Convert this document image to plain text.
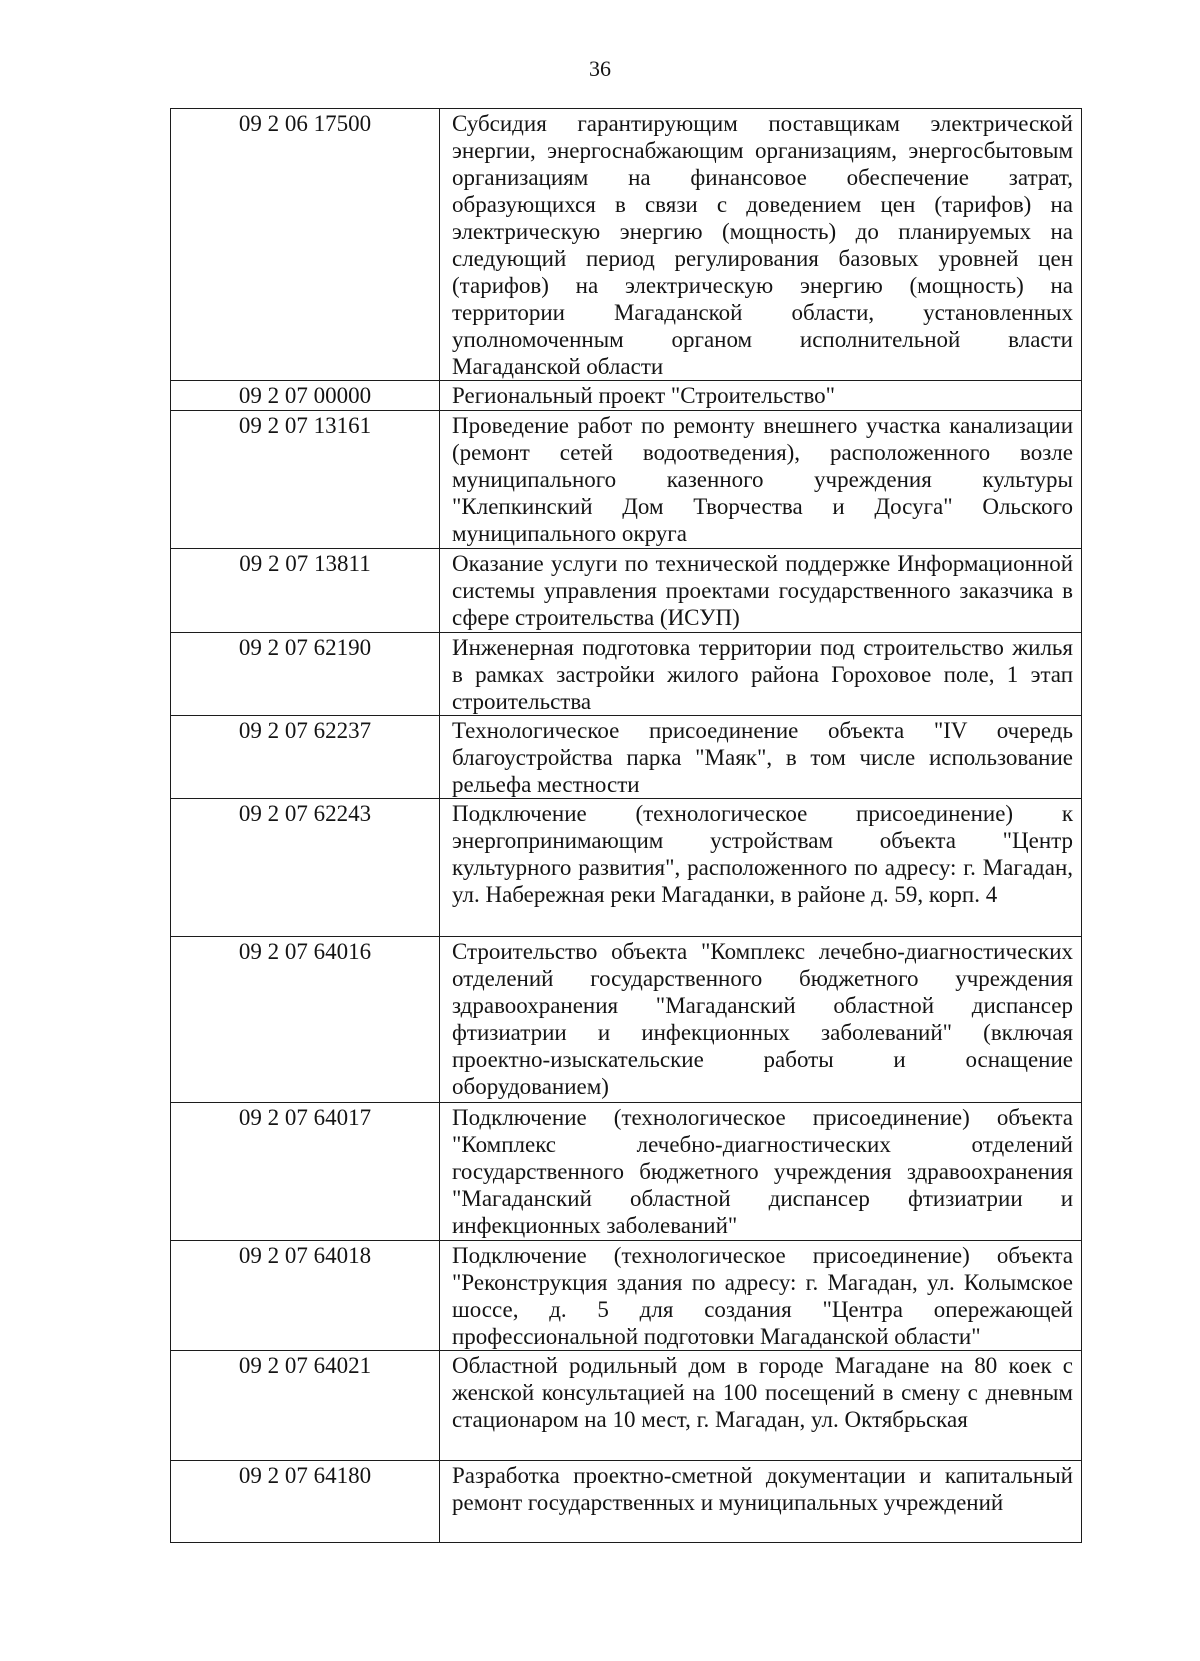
36
09 2 06 17500	Субсидия гарантирующим поставщикам электрической энергии, энергоснабжающим организациям, энергосбытовым организациям на финансовое обеспечение затрат, образующихся в связи с доведением цен (тарифов) на электрическую энергию (мощность) до планируемых на следующий период регулирования базовых уровней цен (тарифов) на электрическую энергию (мощность) на территории Магаданской области, установленных уполномоченным органом исполнительной власти Магаданской области
09 2 07 00000	Региональный проект "Строительство"
09 2 07 13161	Проведение работ по ремонту внешнего участка канализации (ремонт сетей водоотведения), расположенного возле муниципального казенного учреждения культуры "Клепкинский Дом Творчества и Досуга" Ольского муниципального округа
09 2 07 13811	Оказание услуги по технической поддержке Информационной системы управления проектами государственного заказчика в сфере строительства (ИСУП)
09 2 07 62190	Инженерная подготовка территории под строительство жилья в рамках застройки жилого района Гороховое поле, 1 этап строительства
09 2 07 62237	Технологическое присоединение объекта "IV очередь благоустройства парка "Маяк", в том числе использование рельефа местности
09 2 07 62243	Подключение (технологическое присоединение) к энергопринимающим устройствам объекта "Центр культурного развития", расположенного по адресу: г. Магадан, ул. Набережная реки Магаданки, в районе д. 59, корп. 4
09 2 07 64016	Строительство объекта "Комплекс лечебно-диагностических отделений государственного бюджетного учреждения здравоохранения "Магаданский областной диспансер фтизиатрии и инфекционных заболеваний" (включая проектно-изыскательские работы и оснащение оборудованием)
09 2 07 64017	Подключение (технологическое присоединение) объекта "Комплекс лечебно-диагностических отделений государственного бюджетного учреждения здравоохранения "Магаданский областной диспансер фтизиатрии и инфекционных заболеваний"
09 2 07 64018	Подключение (технологическое присоединение) объекта "Реконструкция здания по адресу: г. Магадан, ул. Колымское шоссе, д. 5 для создания "Центра опережающей профессиональной подготовки Магаданской области"
09 2 07 64021	Областной родильный дом в городе Магадане на 80 коек с женской консультацией на 100 посещений в смену с дневным стационаром на 10 мест, г. Магадан, ул. Октябрьская
09 2 07 64180	Разработка проектно-сметной документации и капитальный ремонт государственных и муниципальных учреждений
